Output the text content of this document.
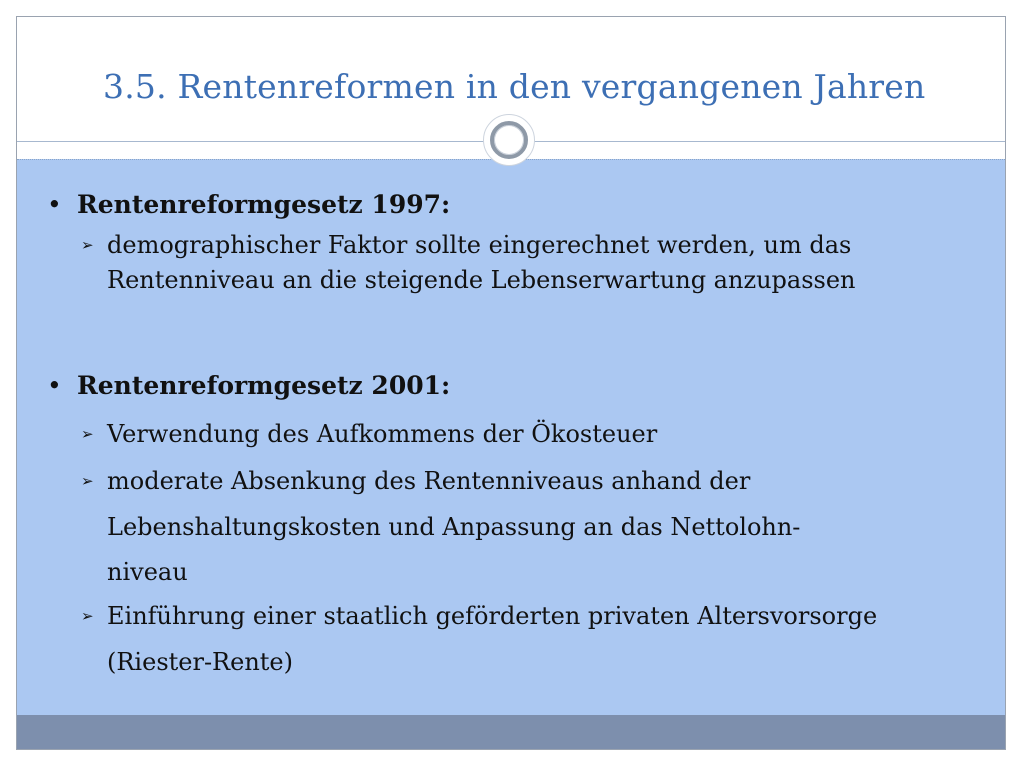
3.5. Rentenreformen in den vergangenen Jahren
• Rentenreformgesetz 1997:
➢ demographischer Faktor sollte eingerechnet werden, um das
Rentenniveau an die steigende Lebenserwartung anzupassen
• Rentenreformgesetz 2001:
➢ Verwendung des Aufkommens der Ökosteuer
➢ moderate Absenkung des Rentenniveaus anhand der
Lebenshaltungskosten und Anpassung an das Nettolohn-
niveau
➢ Einführung einer staatlich geförderten privaten Altersvorsorge
(Riester-Rente)
